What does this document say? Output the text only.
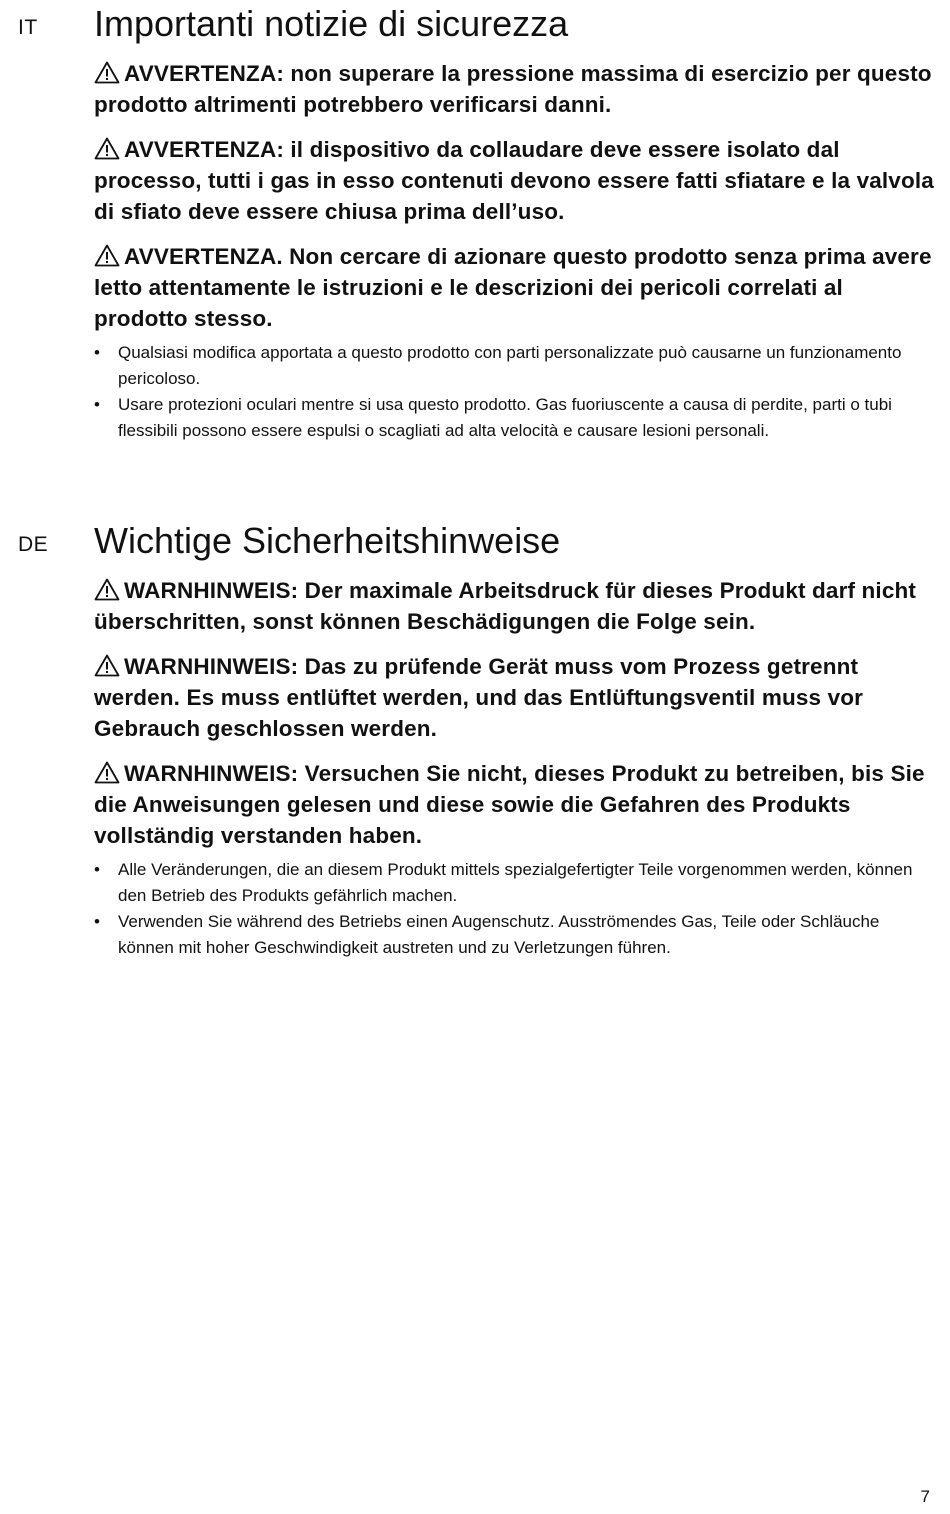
IT Importanti notizie di sicurezza

AVVERTENZA: non superare la pressione massima di esercizio per questo prodotto altrimenti potrebbero verificarsi danni.

AVVERTENZA: il dispositivo da collaudare deve essere isolato dal processo, tutti i gas in esso contenuti devono essere fatti sfiatare e la valvola di sfiato deve essere chiusa prima dell’uso.

AVVERTENZA. Non cercare di azionare questo prodotto senza prima avere letto attentamente le istruzioni e le descrizioni dei pericoli correlati al prodotto stesso.

• Qualsiasi modifica apportata a questo prodotto con parti personalizzate può causarne un funzionamento pericoloso.
• Usare protezioni oculari mentre si usa questo prodotto. Gas fuoriuscente a causa di perdite, parti o tubi flessibili possono essere espulsi o scagliati ad alta velocità e causare lesioni personali.
DE Wichtige Sicherheitshinweise

WARNHINWEIS: Der maximale Arbeitsdruck für dieses Produkt darf nicht überschritten, sonst können Beschädigungen die Folge sein.

WARNHINWEIS: Das zu prüfende Gerät muss vom Prozess getrennt werden. Es muss entlüftet werden, und das Entlüftungsventil muss vor Gebrauch geschlossen werden.

WARNHINWEIS: Versuchen Sie nicht, dieses Produkt zu betreiben, bis Sie die Anweisungen gelesen und diese sowie die Gefahren des Produkts vollständig verstanden haben.

• Alle Veränderungen, die an diesem Produkt mittels spezialgefertigter Teile vorgenommen werden, können den Betrieb des Produkts gefährlich machen.
• Verwenden Sie während des Betriebs einen Augenschutz. Ausströmendes Gas, Teile oder Schläuche können mit hoher Geschwindigkeit austreten und zu Verletzungen führen.
7
